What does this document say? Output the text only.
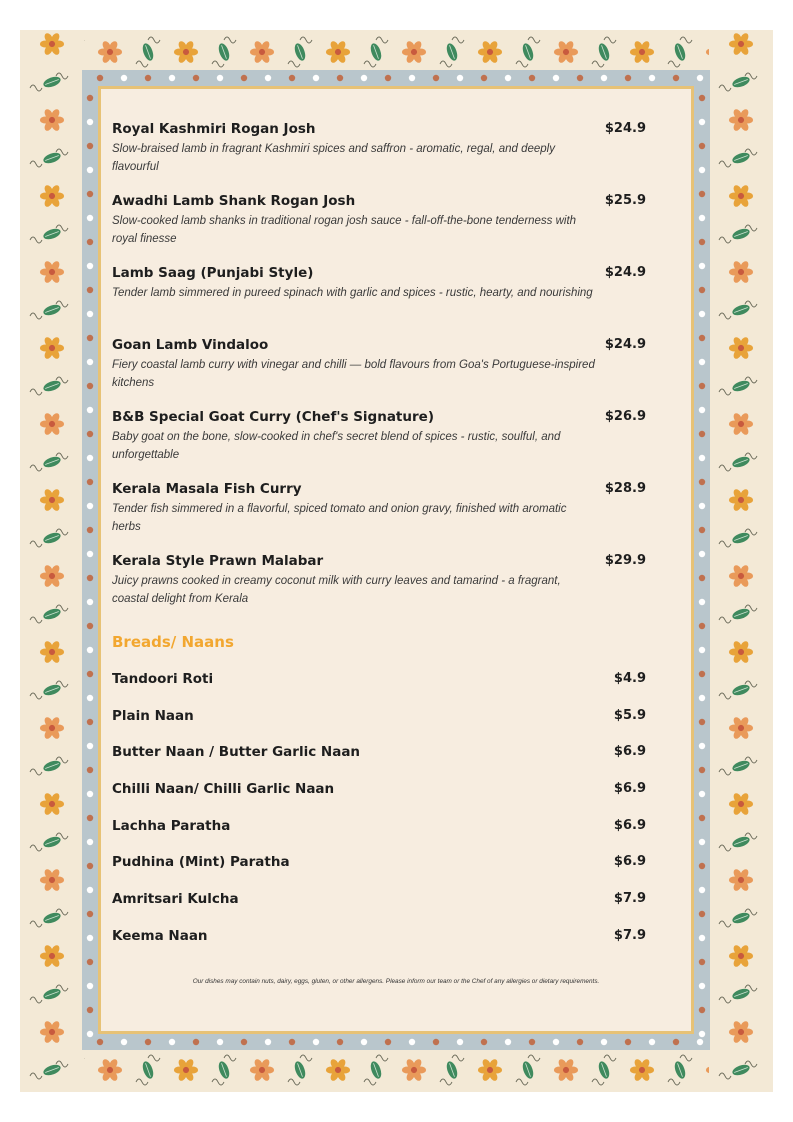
Royal Kashmiri Rogan Josh	$24.9
Slow-braised lamb in fragrant Kashmiri spices and saffron - aromatic, regal, and deeply flavourful
Awadhi Lamb Shank Rogan Josh	$25.9
Slow-cooked lamb shanks in traditional rogan josh sauce - fall-off-the-bone tenderness with royal finesse
Lamb Saag (Punjabi Style)	$24.9
Tender lamb simmered in pureed spinach with garlic and spices - rustic, hearty, and nourishing
Goan Lamb Vindaloo	$24.9
Fiery coastal lamb curry with vinegar and chilli — bold flavours from Goa's Portuguese-inspired kitchens
B&B Special Goat Curry (Chef's Signature)	$26.9
Baby goat on the bone, slow-cooked in chef's secret blend of spices - rustic, soulful, and unforgettable
Kerala Masala Fish Curry	$28.9
Tender fish simmered in a flavorful, spiced tomato and onion gravy, finished with aromatic herbs
Kerala Style Prawn Malabar	$29.9
Juicy prawns cooked in creamy coconut milk with curry leaves and tamarind - a fragrant, coastal delight from Kerala
Breads/ Naans
Tandoori Roti	$4.9
Plain Naan	$5.9
Butter Naan / Butter Garlic Naan	$6.9
Chilli Naan/ Chilli Garlic Naan	$6.9
Lachha Paratha	$6.9
Pudhina (Mint) Paratha	$6.9
Amritsari Kulcha	$7.9
Keema Naan	$7.9
Our dishes may contain nuts, dairy, eggs, gluten, or other allergens. Please inform our team or the Chef of any allergies or dietary requirements.
